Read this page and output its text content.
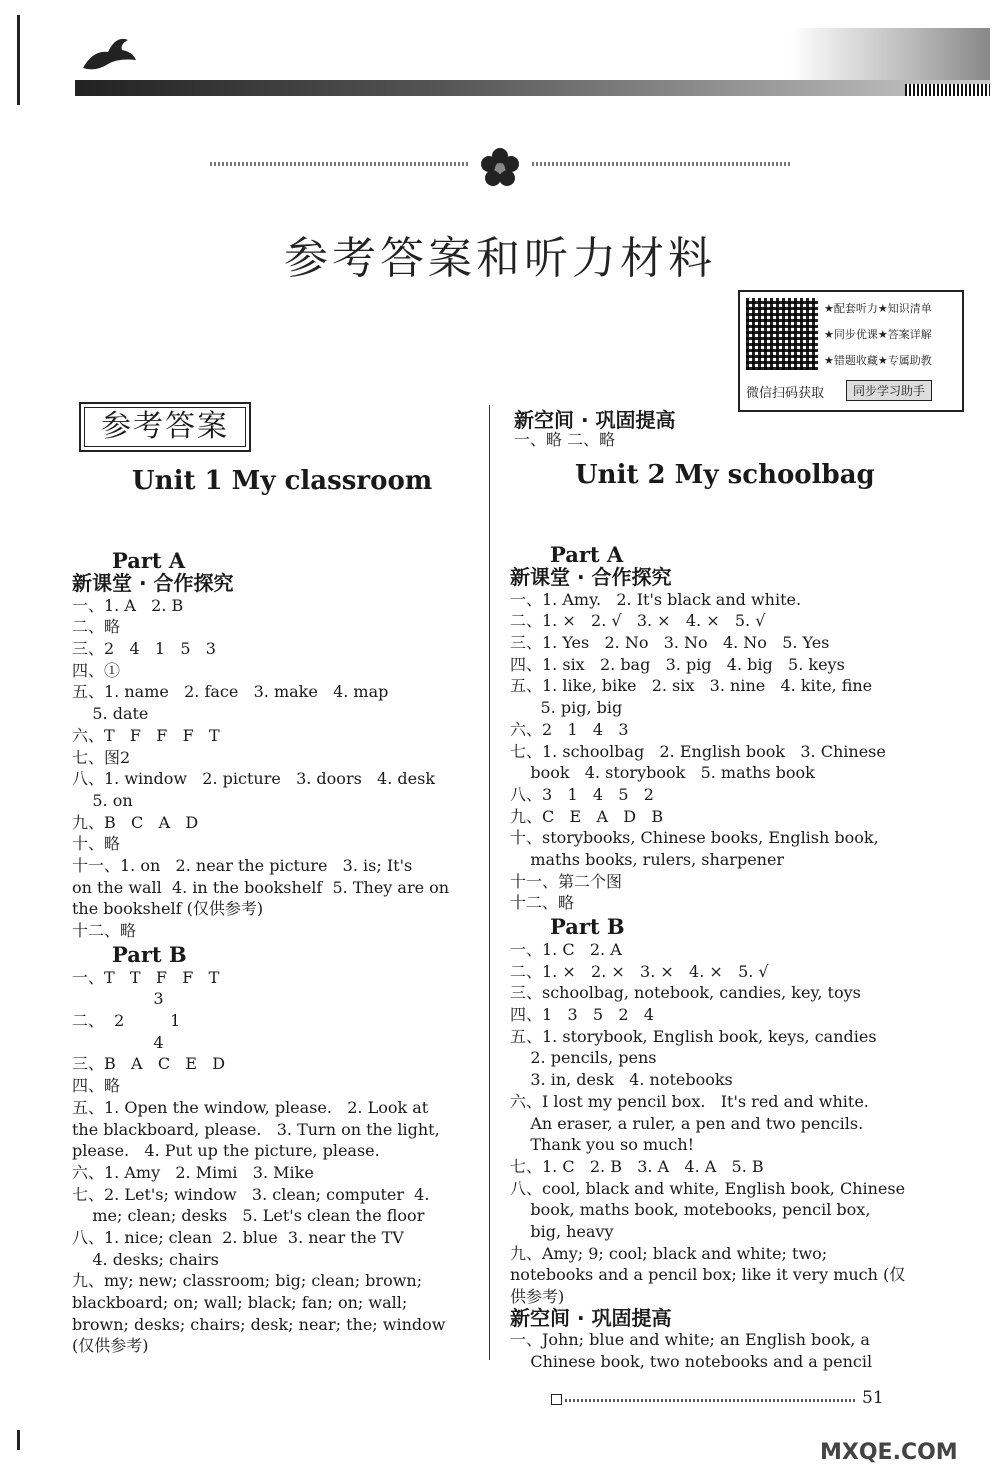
参考答案和听力材料
★配套听力★知识清单
★同步优课★答案详解
★错题收藏★专属助教
微信扫码获取	同步学习助手
参考答案	新空间 · 巩固提高
一、略 二、略
Unit 1 My classroom	Unit 2 My schoolbag
Part A
新课堂 · 合作探究
一、1. A   2. B
二、略
三、2   4   1   5   3
四、①
五、1. name   2. face   3. make   4. map
5. date
六、T   F   F   F   T
七、图2
八、1. window   2. picture   3. doors   4. desk
5. on
九、B   C   A   D
十、略
十一、1. on   2. near the picture   3. is; It's
on the wall  4. in the bookshelf  5. They are on
the bookshelf (仅供参考)
十二、略
Part B
一、T   T   F   F   T
3
二、  2         1
4
三、B   A   C   E   D
四、略
五、1. Open the window, please.   2. Look at
the blackboard, please.   3. Turn on the light,
please.   4. Put up the picture, please.
六、1. Amy   2. Mimi   3. Mike
七、2. Let's; window   3. clean; computer  4.
me; clean; desks   5. Let's clean the floor
八、1. nice; clean  2. blue  3. near the TV
4. desks; chairs
九、my; new; classroom; big; clean; brown;
blackboard; on; wall; black; fan; on; wall;
brown; desks; chairs; desk; near; the; window
(仅供参考)
Part A
新课堂 · 合作探究
一、1. Amy.   2. It's black and white.
二、1. ×   2. √   3. ×   4. ×   5. √
三、1. Yes   2. No   3. No   4. No   5. Yes
四、1. six   2. bag   3. pig   4. big   5. keys
五、1. like, bike   2. six   3. nine   4. kite, fine
5. pig, big
六、2   1   4   3
七、1. schoolbag   2. English book   3. Chinese
book   4. storybook   5. maths book
八、3   1   4   5   2
九、C   E   A   D   B
十、storybooks, Chinese books, English book,
maths books, rulers, sharpener
十一、第二个图
十二、略
Part B
一、1. C   2. A
二、1. ×   2. ×   3. ×   4. ×   5. √
三、schoolbag, notebook, candies, key, toys
四、1   3   5   2   4
五、1. storybook, English book, keys, candies
2. pencils, pens
3. in, desk   4. notebooks
六、I lost my pencil box.   It's red and white.
An eraser, a ruler, a pen and two pencils.
Thank you so much!
七、1. C   2. B   3. A   4. A   5. B
八、cool, black and white, English book, Chinese
book, maths book, motebooks, pencil box,
big, heavy
九、Amy; 9; cool; black and white; two;
notebooks and a pencil box; like it very much (仅
供参考)
新空间 · 巩固提高
一、John; blue and white; an English book, a
Chinese book, two notebooks and a pencil
51
MXQE.COM
